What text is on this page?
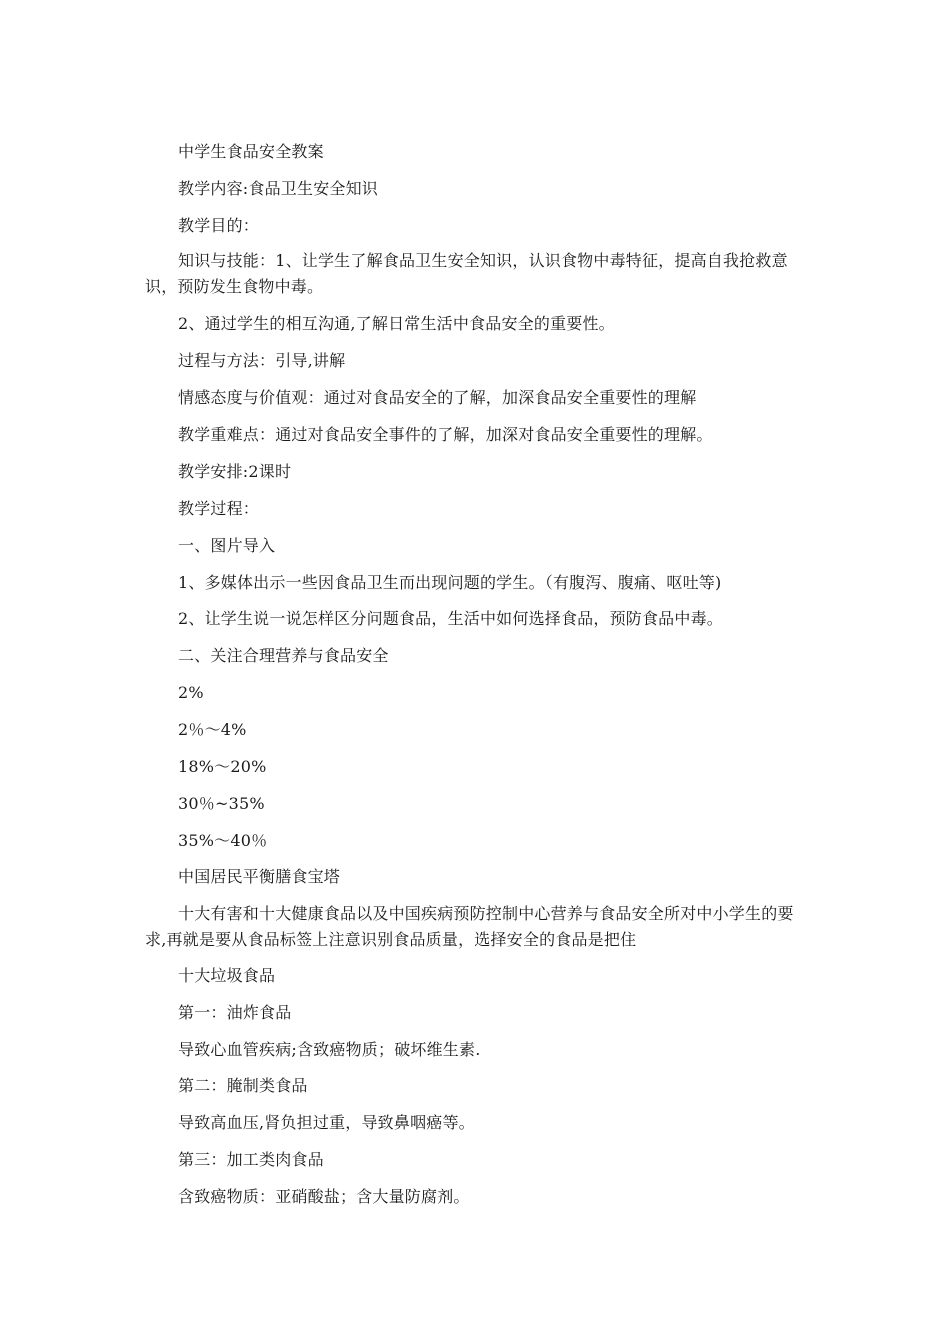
中学生食品安全教案

教学内容:食品卫生安全知识

教学目的：

知识与技能：1、让学生了解食品卫生安全知识，认识食物中毒特征，提高自我抢救意识，预防发生食物中毒。

2、通过学生的相互沟通,了解日常生活中食品安全的重要性。

过程与方法：引导,讲解

情感态度与价值观：通过对食品安全的了解，加深食品安全重要性的理解

教学重难点：通过对食品安全事件的了解，加深对食品安全重要性的理解。

教学安排:2课时

教学过程：

一、图片导入

1、多媒体出示一些因食品卫生而出现问题的学生。（有腹泻、腹痛、呕吐等)

2、让学生说一说怎样区分问题食品，生活中如何选择食品，预防食品中毒。

二、关注合理营养与食品安全

2%

2％～4%

18%～20%

30％~35%

35%～40％

中国居民平衡膳食宝塔

十大有害和十大健康食品以及中国疾病预防控制中心营养与食品安全所对中小学生的要求,再就是要从食品标签上注意识别食品质量，选择安全的食品是把住

十大垃圾食品

第一：油炸食品

导致心血管疾病;含致癌物质；破坏维生素.

第二：腌制类食品

导致高血压,肾负担过重，导致鼻咽癌等。

第三：加工类肉食品

含致癌物质：亚硝酸盐；含大量防腐剂。
